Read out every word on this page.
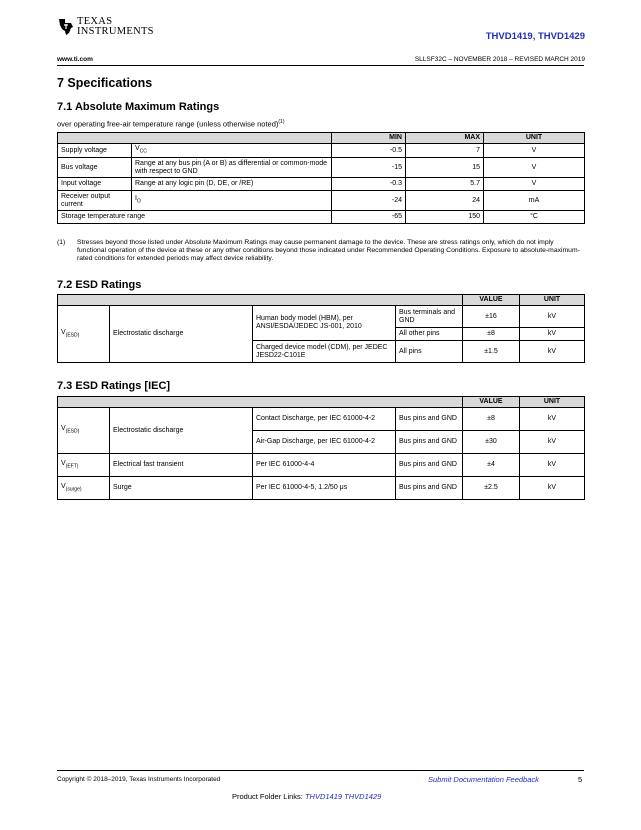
TEXAS
INSTRUMENTS	THVD1419, THVD1429
www.ti.com	SLLSF32C – NOVEMBER 2018 – REVISED MARCH 2019
7 Specifications
7.1 Absolute Maximum Ratings
over operating free-air temperature range (unless otherwise noted)$^{(1)}$
		MIN	MAX	UNIT
Supply voltage	$V_{CC}$	-0.5	7	V
Bus voltage	Range at any bus pin (A or B) as differential or common-mode with respect to GND	-15	15	V
Input voltage	Range at any logic pin (D, DE, or /RE)	-0.3	5.7	V
Receiver output current	$I_O$	-24	24	mA
Storage temperature range		-65	150	°C
(1) Stresses beyond those listed under Absolute Maximum Ratings may cause permanent damage to the device. These are stress ratings only, which do not imply functional operation of the device at these or any other conditions beyond those indicated under Recommended Operating Conditions. Exposure to absolute-maximum-rated conditions for extended periods may affect device reliability.
7.2 ESD Ratings
				VALUE	UNIT
$V_{(ESD)}$	Electrostatic discharge	Human body model (HBM), per ANSI/ESDA/JEDEC JS-001, 2010	Bus terminals and GND	±16	kV
			All other pins	±8	kV
		Charged device model (CDM), per JEDEC JESD22-C101E	All pins	±1.5	kV
7.3 ESD Ratings [IEC]
				VALUE	UNIT
$V_{(ESD)}$	Electrostatic discharge	Contact Discharge, per IEC 61000-4-2	Bus pins and GND	±8	kV
		Air-Gap Discharge, per IEC 61000-4-2	Bus pins and GND	±30	kV
$V_{(EFT)}$	Electrical fast transient	Per IEC 61000-4-4	Bus pins and GND	±4	kV
$V_{(surge)}$	Surge	Per IEC 61000-4-5, 1.2/50 μs	Bus pins and GND	±2.5	kV
Copyright © 2018–2019, Texas Instruments Incorporated	Submit Documentation Feedback	5
Product Folder Links: THVD1419 THVD1429
